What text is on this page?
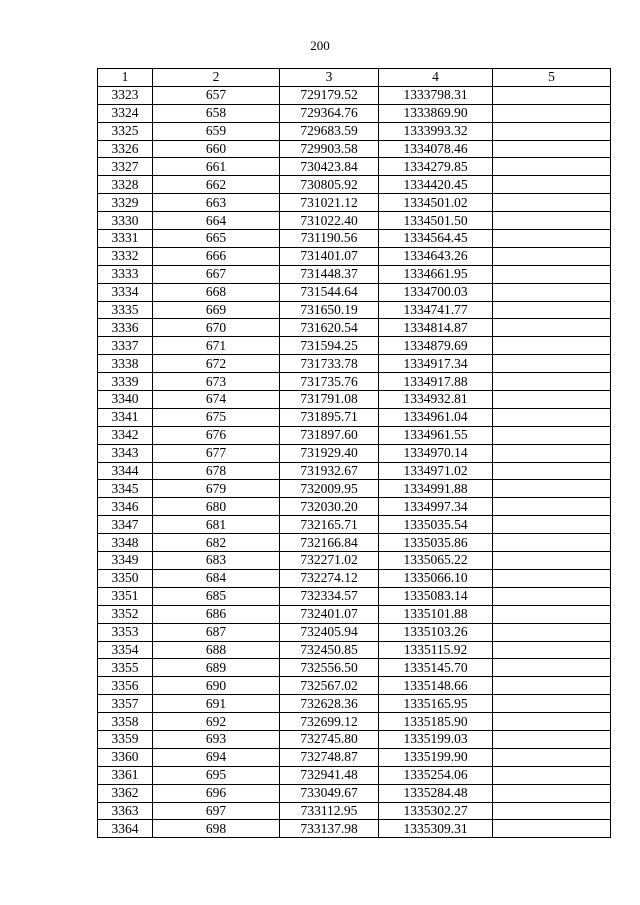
200
1	2	3	4	5
3323	657	729179.52	1333798.31	
3324	658	729364.76	1333869.90	
3325	659	729683.59	1333993.32	
3326	660	729903.58	1334078.46	
3327	661	730423.84	1334279.85	
3328	662	730805.92	1334420.45	
3329	663	731021.12	1334501.02	
3330	664	731022.40	1334501.50	
3331	665	731190.56	1334564.45	
3332	666	731401.07	1334643.26	
3333	667	731448.37	1334661.95	
3334	668	731544.64	1334700.03	
3335	669	731650.19	1334741.77	
3336	670	731620.54	1334814.87	
3337	671	731594.25	1334879.69	
3338	672	731733.78	1334917.34	
3339	673	731735.76	1334917.88	
3340	674	731791.08	1334932.81	
3341	675	731895.71	1334961.04	
3342	676	731897.60	1334961.55	
3343	677	731929.40	1334970.14	
3344	678	731932.67	1334971.02	
3345	679	732009.95	1334991.88	
3346	680	732030.20	1334997.34	
3347	681	732165.71	1335035.54	
3348	682	732166.84	1335035.86	
3349	683	732271.02	1335065.22	
3350	684	732274.12	1335066.10	
3351	685	732334.57	1335083.14	
3352	686	732401.07	1335101.88	
3353	687	732405.94	1335103.26	
3354	688	732450.85	1335115.92	
3355	689	732556.50	1335145.70	
3356	690	732567.02	1335148.66	
3357	691	732628.36	1335165.95	
3358	692	732699.12	1335185.90	
3359	693	732745.80	1335199.03	
3360	694	732748.87	1335199.90	
3361	695	732941.48	1335254.06	
3362	696	733049.67	1335284.48	
3363	697	733112.95	1335302.27	
3364	698	733137.98	1335309.31	
